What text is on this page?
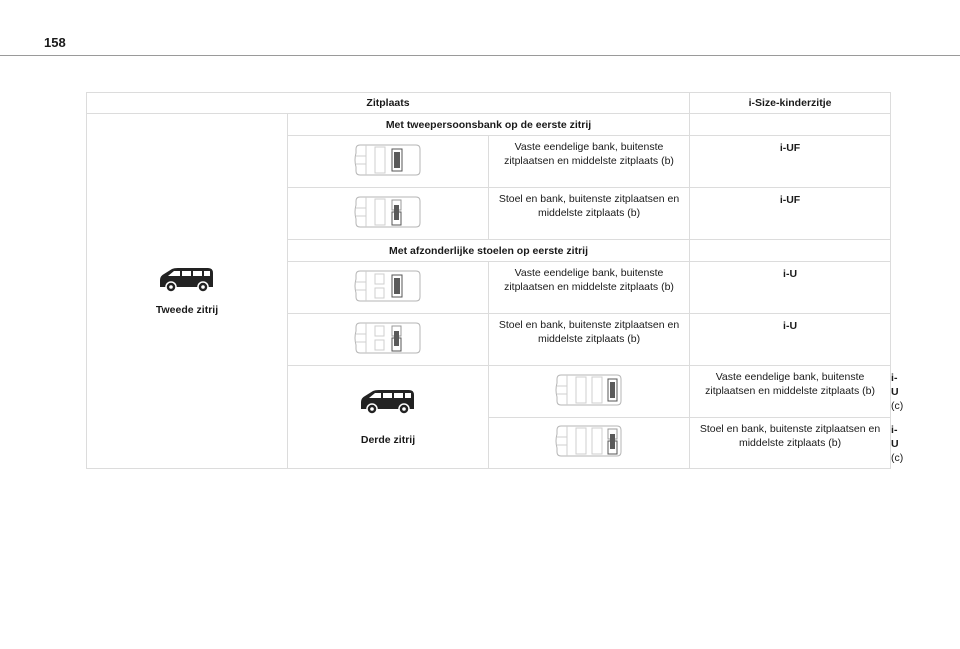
158
Zitplaats			i-Size-kinderzitje	

Tweede zitrij	Met tweepersoonsbank op de eerste zitrij			
	Vaste eendelige bank, buitenste zitplaatsen en middelste zitplaats (b)	i-UF	
	Stoel en bank, buitenste zitplaatsen en middelste zitplaats (b)	i-UF	
	Met afzonderlijke stoelen op eerste zitrij			
	Vaste eendelige bank, buitenste zitplaatsen en middelste zitplaats (b)	i-U	
	Stoel en bank, buitenste zitplaatsen en middelste zitplaats (b)	i-U	

	Derde zitrij		Vaste eendelige bank, buitenste zitplaatsen en middelste zitplaats (b)	i-U (c)
	Stoel en bank, buitenste zitplaatsen en middelste zitplaats (b)	i-U (c)
